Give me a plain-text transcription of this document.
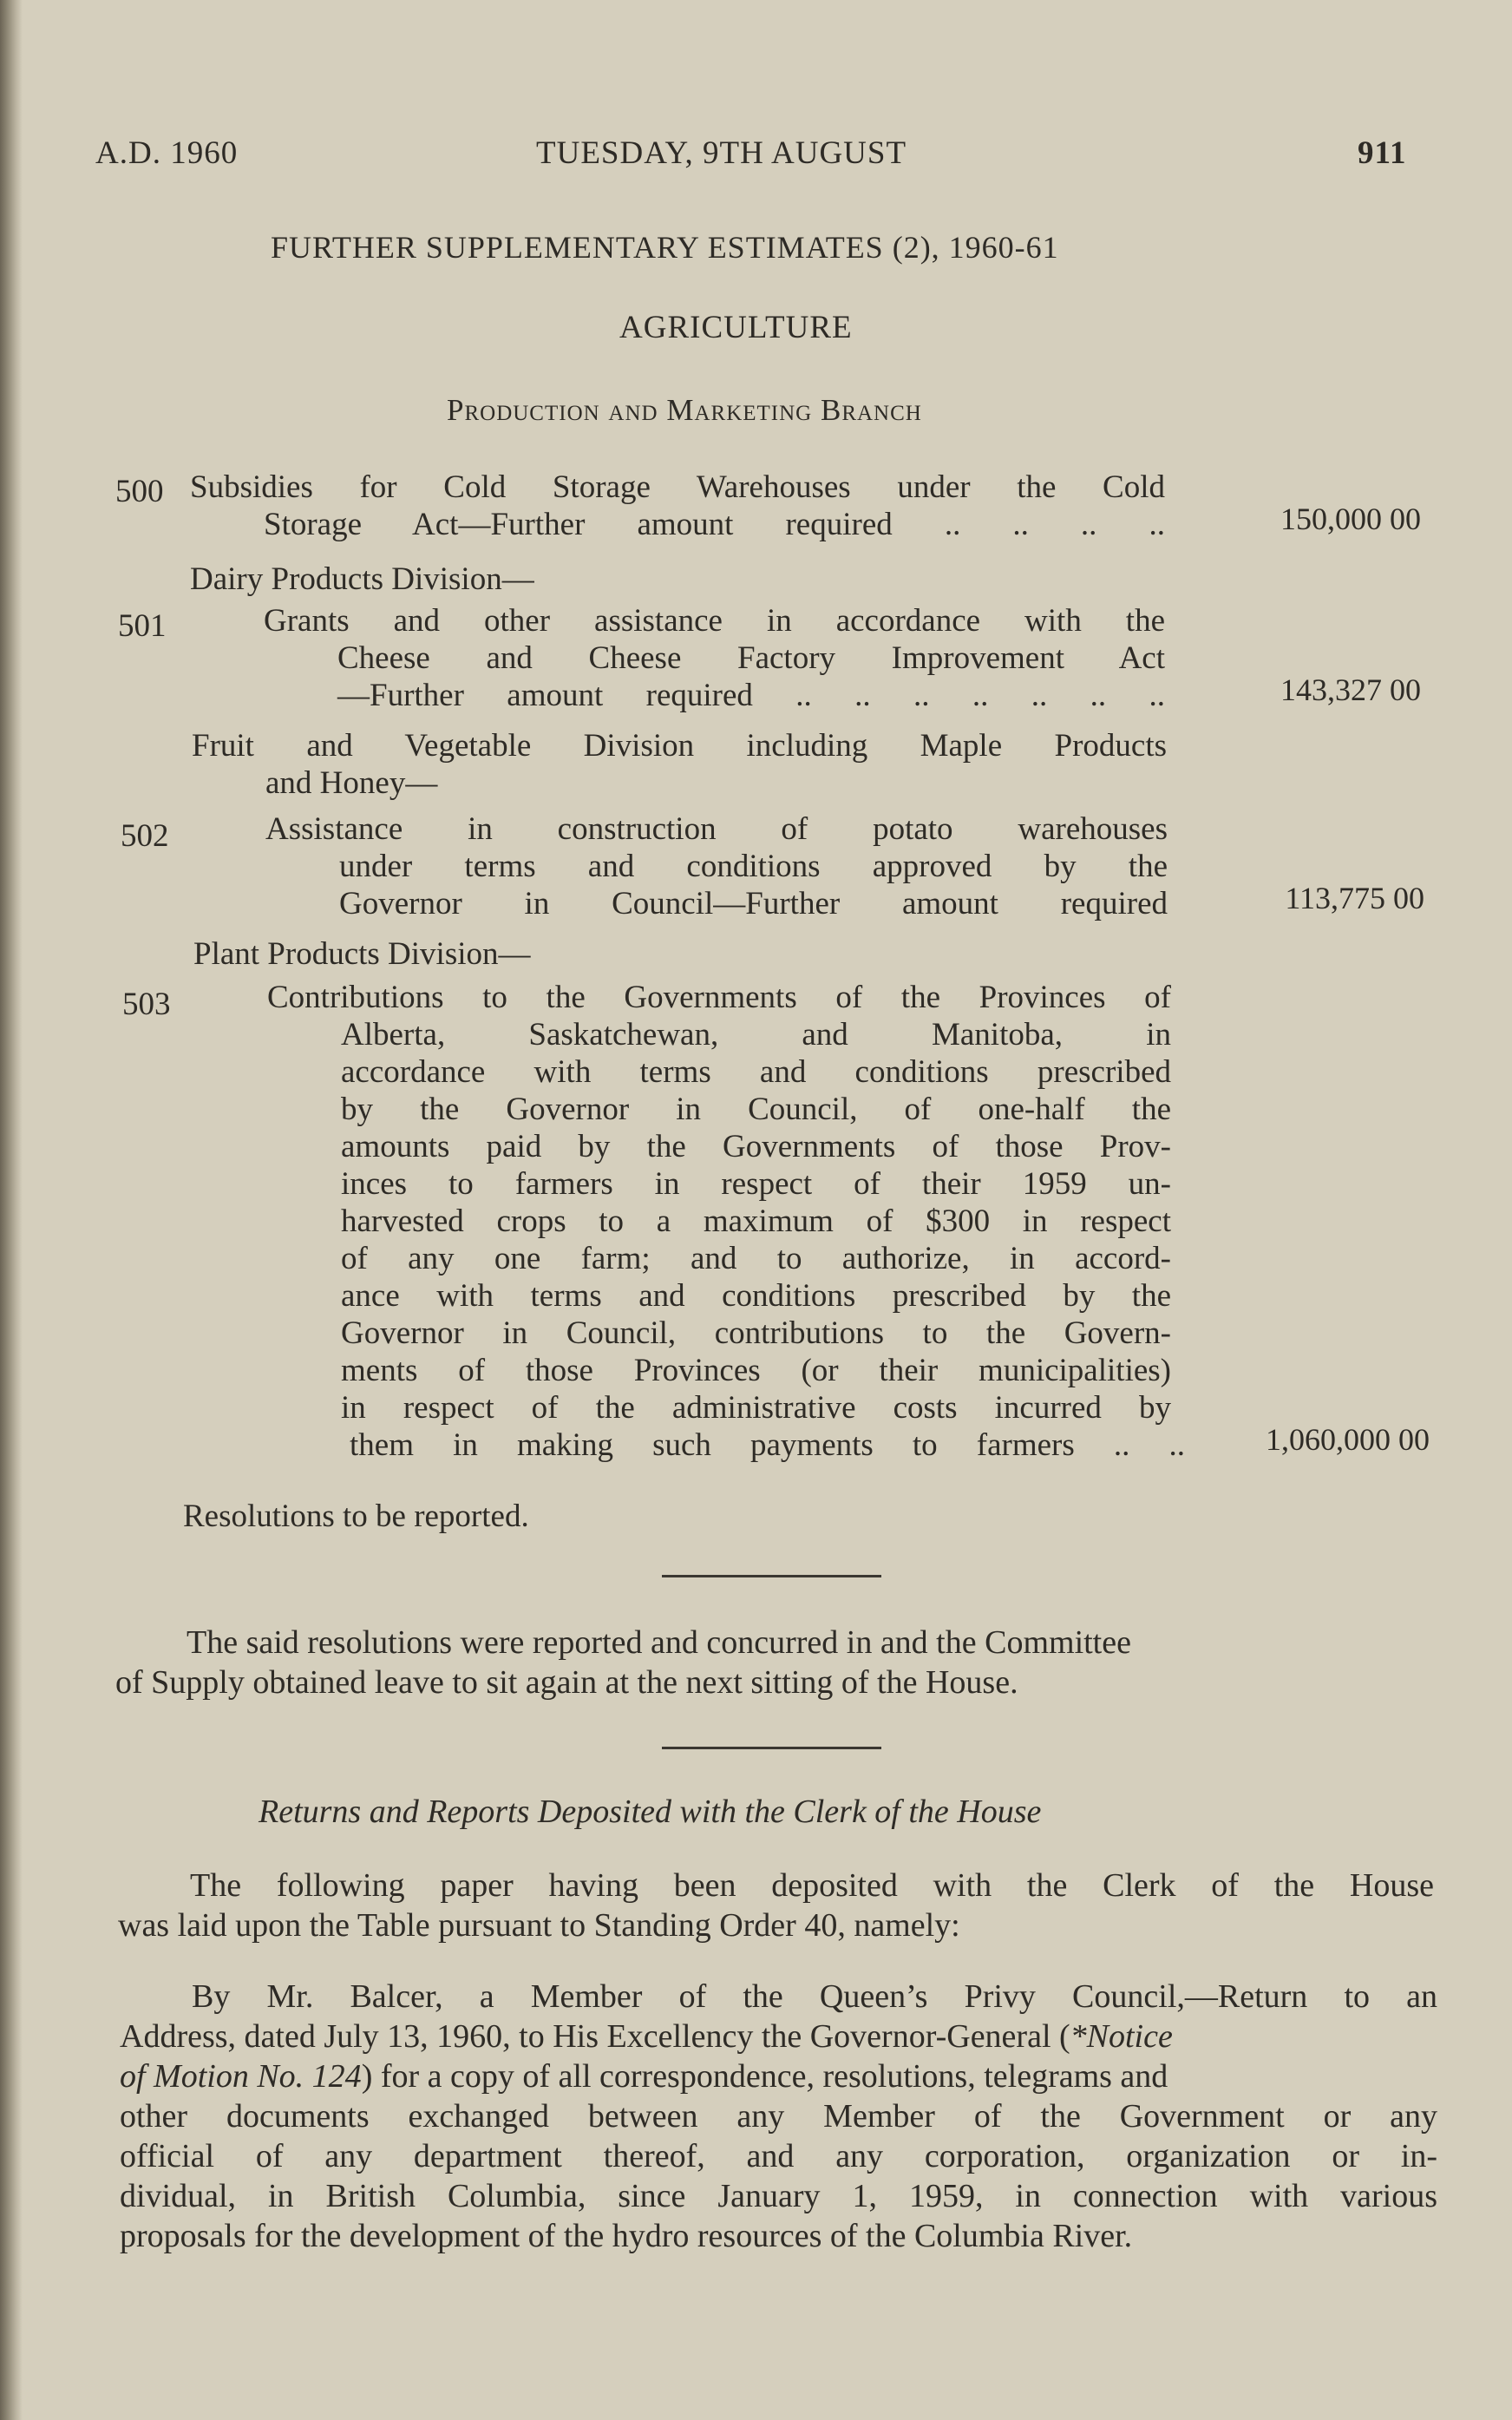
A.D. 1960	TUESDAY, 9TH AUGUST	911
FURTHER SUPPLEMENTARY ESTIMATES (2), 1960-61
AGRICULTURE
Production and Marketing Branch
500 Subsidies for Cold Storage Warehouses under the Cold
Storage Act—Further amount required .. .. .. ..	150,000 00
Dairy Products Division—
501	Grants and other assistance in accordance with the
Cheese and Cheese Factory Improvement Act
—Further amount required .. .. .. .. .. .. ..	143,327 00
Fruit and Vegetable Division including Maple Products
and Honey—
502	Assistance in construction of potato warehouses
under terms and conditions approved by the
Governor in Council—Further amount required	113,775 00
Plant Products Division—
503	Contributions to the Governments of the Provinces of
Alberta, Saskatchewan, and Manitoba, in
accordance with terms and conditions prescribed
by the Governor in Council, of one-half the
amounts paid by the Governments of those Prov-
inces to farmers in respect of their 1959 un-
harvested crops to a maximum of $300 in respect
of any one farm; and to authorize, in accord-
ance with terms and conditions prescribed by the
Governor in Council, contributions to the Govern-
ments of those Provinces (or their municipalities)
in respect of the administrative costs incurred by
them in making such payments to farmers .. ..	1,060,000 00
Resolutions to be reported.
The said resolutions were reported and concurred in and the Committee
of Supply obtained leave to sit again at the next sitting of the House.
Returns and Reports Deposited with the Clerk of the House
The following paper having been deposited with the Clerk of the House
was laid upon the Table pursuant to Standing Order 40, namely:
By Mr. Balcer, a Member of the Queen’s Privy Council,—Return to an
Address, dated July 13, 1960, to His Excellency the Governor-General (*Notice
of Motion No. 124) for a copy of all correspondence, resolutions, telegrams and
other documents exchanged between any Member of the Government or any
official of any department thereof, and any corporation, organization or in-
dividual, in British Columbia, since January 1, 1959, in connection with various
proposals for the development of the hydro resources of the Columbia River.
